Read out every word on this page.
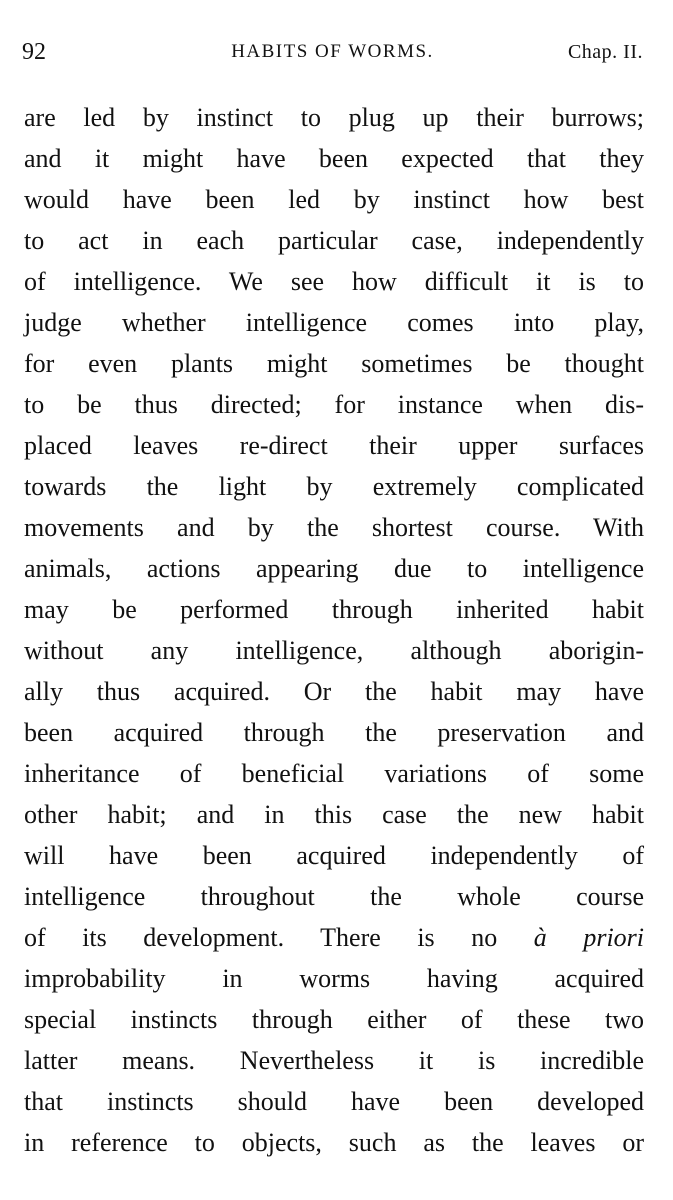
92	HABITS OF WORMS.	Chap. II.
are led by instinct to plug up their burrows;
and it might have been expected that they
would have been led by instinct how best
to act in each particular case, independently
of intelligence. We see how difficult it is to
judge whether intelligence comes into play,
for even plants might sometimes be thought
to be thus directed; for instance when dis-
placed leaves re-direct their upper surfaces
towards the light by extremely complicated
movements and by the shortest course. With
animals, actions appearing due to intelligence
may be performed through inherited habit
without any intelligence, although aborigin-
ally thus acquired. Or the habit may have
been acquired through the preservation and
inheritance of beneficial variations of some
other habit; and in this case the new habit
will have been acquired independently of
intelligence throughout the whole course
of its development. There is no à priori
improbability in worms having acquired
special instincts through either of these two
latter means. Nevertheless it is incredible
that instincts should have been developed
in reference to objects, such as the leaves or
